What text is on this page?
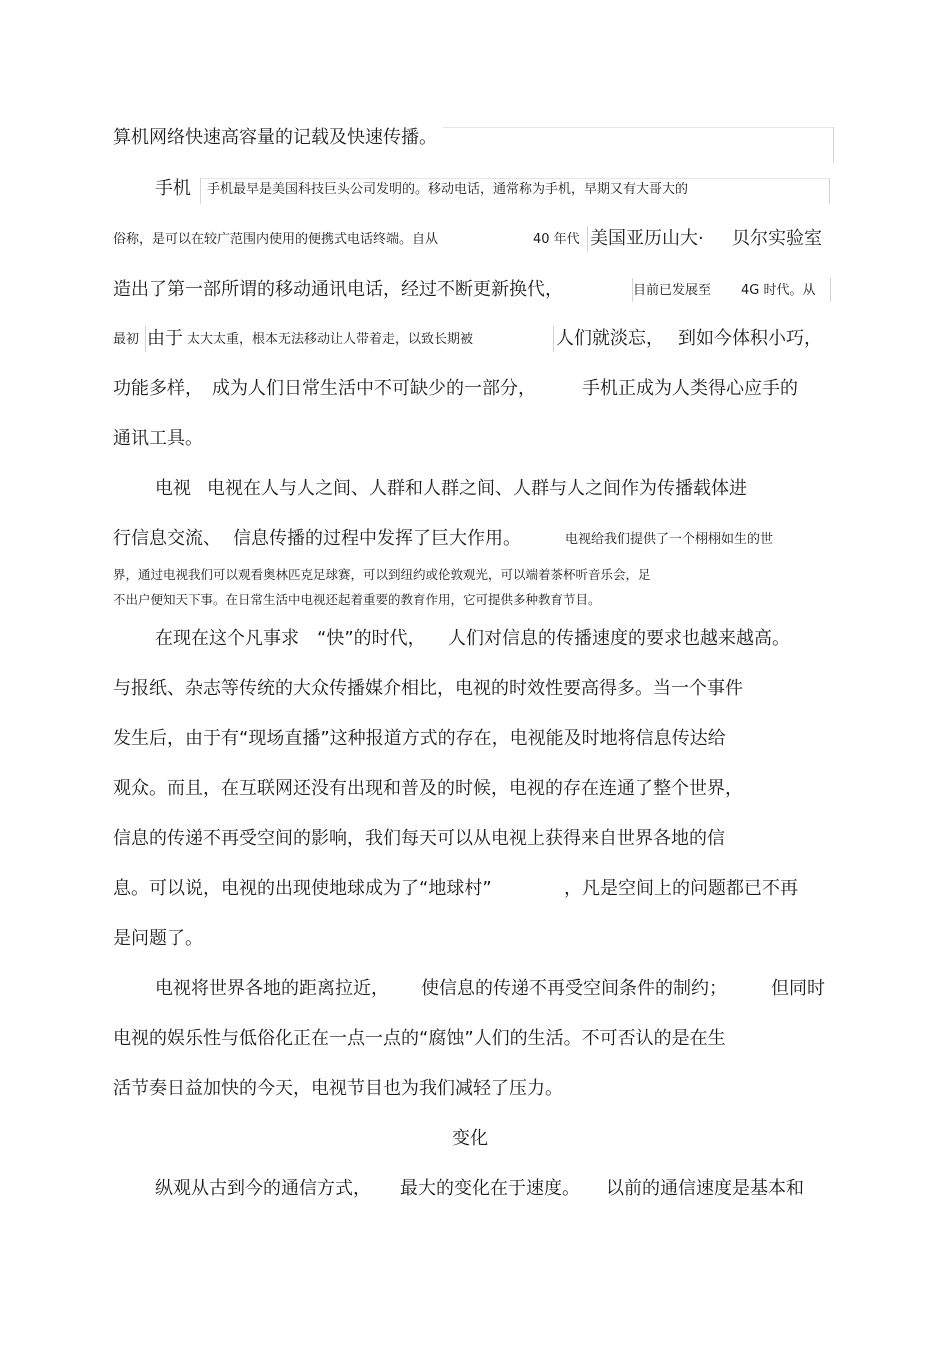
算机网络快速高容量的记载及快速传播。
手机 手机最早是美国科技巨头公司发明的。移动电话，通常称为手机，早期又有大哥大的
俗称，是可以在较广范围内使用的便携式电话终端。自从	40 年代 美国亚历山大· 贝尔实验室
造出了第一部所谓的移动通讯电话，经过不断更新换代，	目前已发展至 4G 时代。从
最初 由于 太大太重，根本无法移动让人带着走，以致长期被	人们就淡忘， 到如今体积小巧，
功能多样， 成为人们日常生活中不可缺少的一部分，	手机正成为人类得心应手的
通讯工具。
电视 电视在人与人之间、人群和人群之间、人群与人之间作为传播载体进
行信息交流、 信息传播的过程中发挥了巨大作用。	电视给我们提供了一个栩栩如生的世
界，通过电视我们可以观看奥林匹克足球赛，可以到纽约或伦敦观光，可以端着茶杯听音乐会，足
不出户便知天下事。在日常生活中电视还起着重要的教育作用，它可提供多种教育节目。
在现在这个凡事求 “快”的时代， 人们对信息的传播速度的要求也越来越高。
与报纸、杂志等传统的大众传播媒介相比，电视的时效性要高得多。当一个事件
发生后，由于有“现场直播”这种报道方式的存在，电视能及时地将信息传达给
观众。而且，在互联网还没有出现和普及的时候，电视的存在连通了整个世界，
信息的传递不再受空间的影响，我们每天可以从电视上获得来自世界各地的信
息。可以说，电视的出现使地球成为了“地球村”	，凡是空间上的问题都已不再
是问题了。
电视将世界各地的距离拉近， 使信息的传递不再受空间条件的制约； 但同时
电视的娱乐性与低俗化正在一点一点的“腐蚀”人们的生活。不可否认的是在生
活节奏日益加快的今天，电视节目也为我们减轻了压力。
变化
纵观从古到今的通信方式， 最大的变化在于速度。 以前的通信速度是基本和
